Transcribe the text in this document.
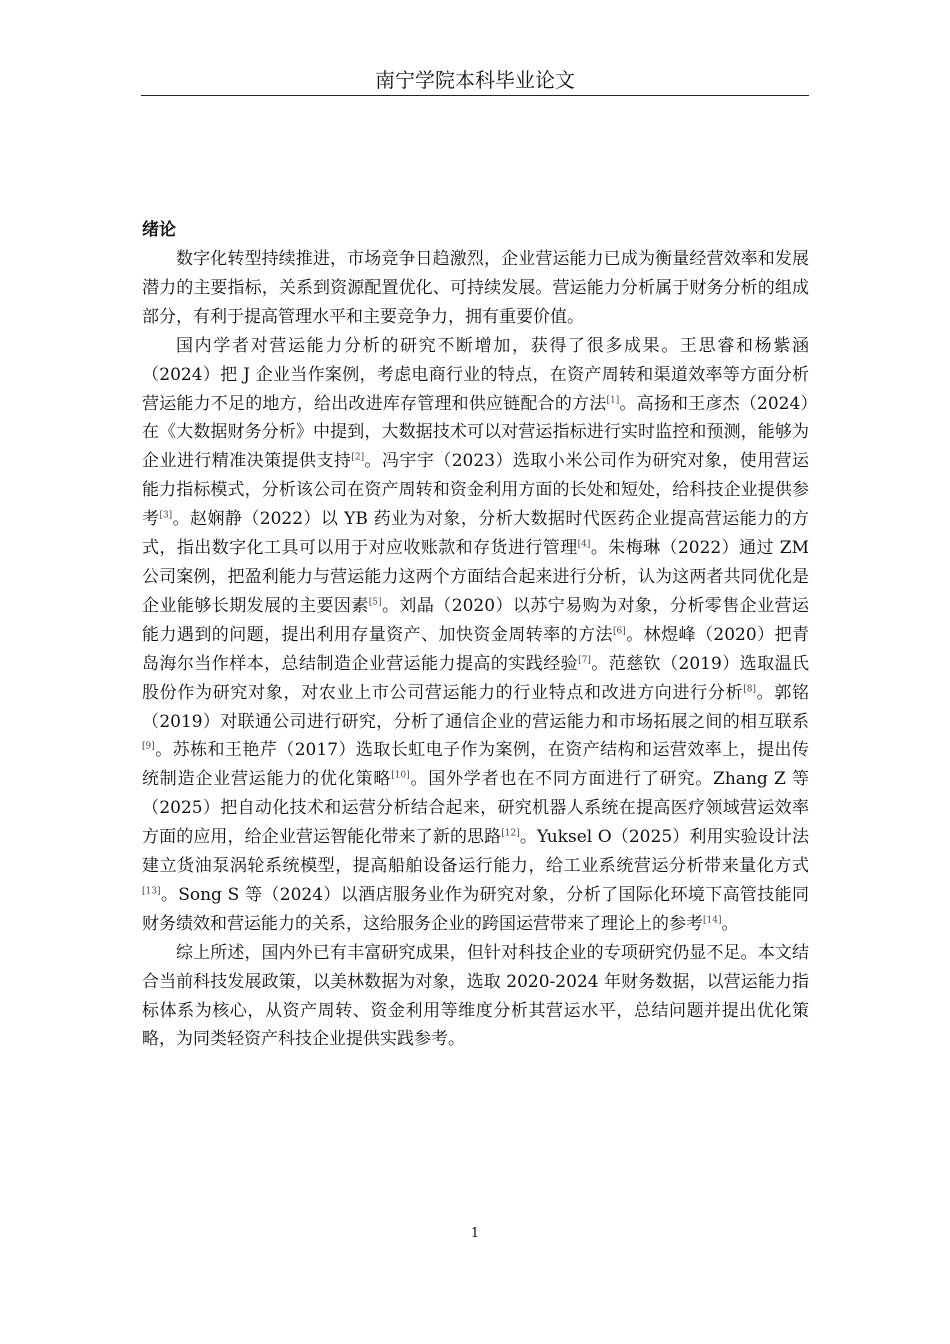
南宁学院本科毕业论文
绪论

数字化转型持续推进，市场竞争日趋激烈，企业营运能力已成为衡量经营效率和发展潜力的主要指标，关系到资源配置优化、可持续发展。营运能力分析属于财务分析的组成部分，有利于提高管理水平和主要竞争力，拥有重要价值。

国内学者对营运能力分析的研究不断增加，获得了很多成果。王思睿和杨紫涵（2024）把 J 企业当作案例，考虑电商行业的特点，在资产周转和渠道效率等方面分析营运能力不足的地方，给出改进库存管理和供应链配合的方法[1]。高扬和王彦杰（2024）在《大数据财务分析》中提到，大数据技术可以对营运指标进行实时监控和预测，能够为企业进行精准决策提供支持[2]。冯宇宇（2023）选取小米公司作为研究对象，使用营运能力指标模式，分析该公司在资产周转和资金利用方面的长处和短处，给科技企业提供参考[3]。赵娴静（2022）以 YB 药业为对象，分析大数据时代医药企业提高营运能力的方式，指出数字化工具可以用于对应收账款和存货进行管理[4]。朱梅琳（2022）通过 ZM 公司案例，把盈利能力与营运能力这两个方面结合起来进行分析，认为这两者共同优化是企业能够长期发展的主要因素[5]。刘晶（2020）以苏宁易购为对象，分析零售企业营运能力遇到的问题，提出利用存量资产、加快资金周转率的方法[6]。林煜峰（2020）把青岛海尔当作样本，总结制造企业营运能力提高的实践经验[7]。范慈钦（2019）选取温氏股份作为研究对象，对农业上市公司营运能力的行业特点和改进方向进行分析[8]。郭铭（2019）对联通公司进行研究，分析了通信企业的营运能力和市场拓展之间的相互联系[9]。苏栋和王艳芹（2017）选取长虹电子作为案例，在资产结构和运营效率上，提出传统制造企业营运能力的优化策略[10]。国外学者也在不同方面进行了研究。Zhang Z 等（2025）把自动化技术和运营分析结合起来，研究机器人系统在提高医疗领域营运效率方面的应用，给企业营运智能化带来了新的思路[12]。Yuksel O（2025）利用实验设计法建立货油泵涡轮系统模型，提高船舶设备运行能力，给工业系统营运分析带来量化方式[13]。Song S 等（2024）以酒店服务业作为研究对象，分析了国际化环境下高管技能同财务绩效和营运能力的关系，这给服务企业的跨国运营带来了理论上的参考[14]。

综上所述，国内外已有丰富研究成果，但针对科技企业的专项研究仍显不足。本文结合当前科技发展政策，以美林数据为对象，选取 2020-2024 年财务数据，以营运能力指标体系为核心，从资产周转、资金利用等维度分析其营运水平，总结问题并提出优化策略，为同类轻资产科技企业提供实践参考。

1
